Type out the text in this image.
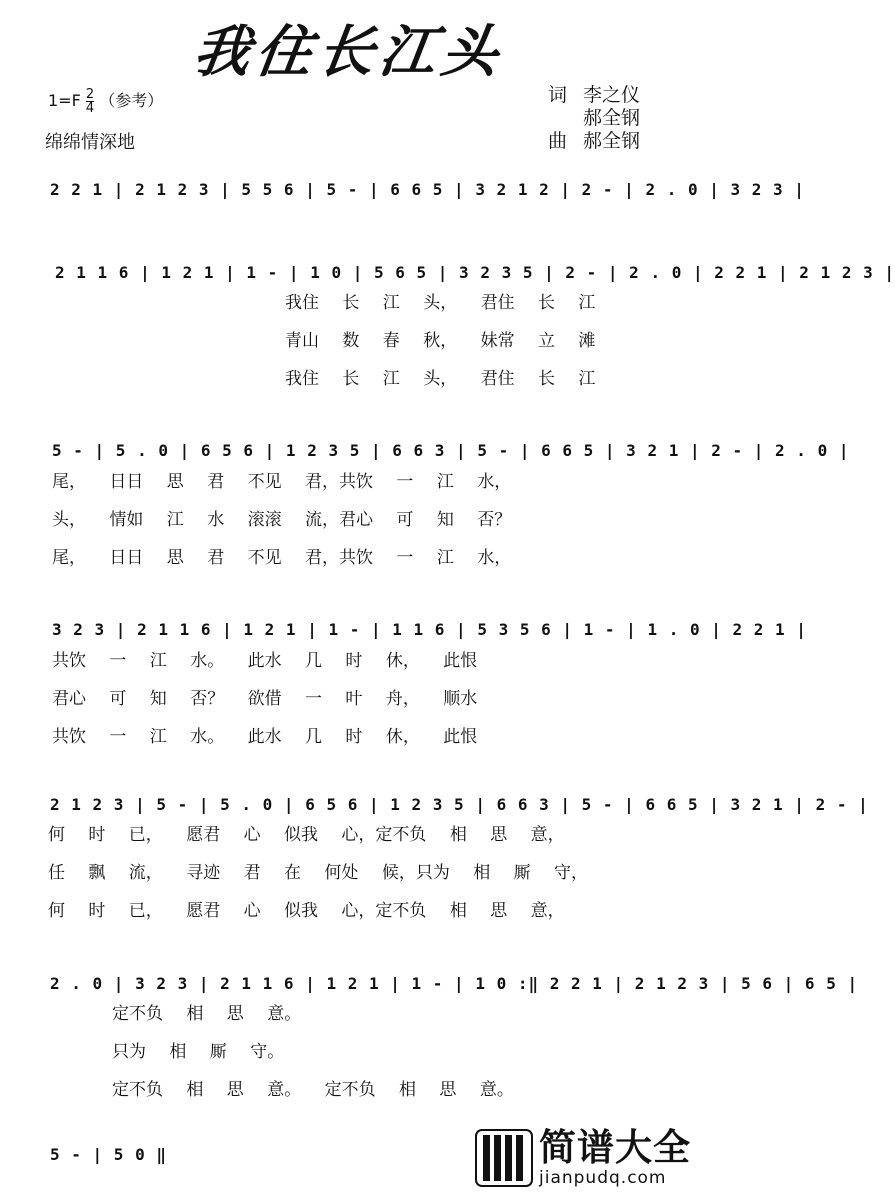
我住长江头
$1=F \frac{2}{4}$ （参考）
绵绵情深地
词 李之仪
郝全钢
曲 郝全钢
2 2 1 | 2 1 2 3 | 5 5 6 | 5 - | 6 6 5 | 3 2 1 2 | 2 - | 2 . 0 | 3 2 3 |
2 1 1 6 | 1 2 1 | 1 - | 1 0 | 5 6 5 | 3 2 3 5 | 2 - | 2 . 0 | 2 2 1 | 2 1 2 3 |
我住 长 江 头， 君住 长 江
青山 数 春 秋， 妹常 立 滩
我住 长 江 头， 君住 长 江
5 - | 5 . 0 | 6 5 6 | 1 2 3 5 | 6 6 3 | 5 - | 6 6 5 | 3 2 1 | 2 - | 2 . 0 |
尾， 日日 思 君 不见 君，共饮 一 江 水，
头， 情如 江 水 滚滚 流，君心 可 知 否？
尾， 日日 思 君 不见 君，共饮 一 江 水，
3 2 3 | 2 1 1 6 | 1 2 1 | 1 - | 1 1 6 | 5 3 5 6 | 1 - | 1 . 0 | 2 2 1 |
共饮 一 江 水。 此水 几 时 休， 此恨
君心 可 知 否？ 欲借 一 叶 舟， 顺水
共饮 一 江 水。 此水 几 时 休， 此恨
2 1 2 3 | 5 - | 5 . 0 | 6 5 6 | 1 2 3 5 | 6 6 3 | 5 - | 6 6 5 | 3 2 1 | 2 - |
何 时 已， 愿君 心 似我 心，定不负 相 思 意，
任 飘 流， 寻迹 君 在 何处 候，只为 相 厮 守，
何 时 已， 愿君 心 似我 心，定不负 相 思 意，
2 . 0 | 3 2 3 | 2 1 1 6 | 1 2 1 | 1 - | 1 0 :‖ 2 2 1 | 2 1 2 3 | 5 6 | 6 5 |
定不负 相 思 意。
只为 相 厮 守。
定不负 相 思 意。 定不负 相 思 意。
5 - | 5 0 ‖	简谱大全
jianpudq.com
